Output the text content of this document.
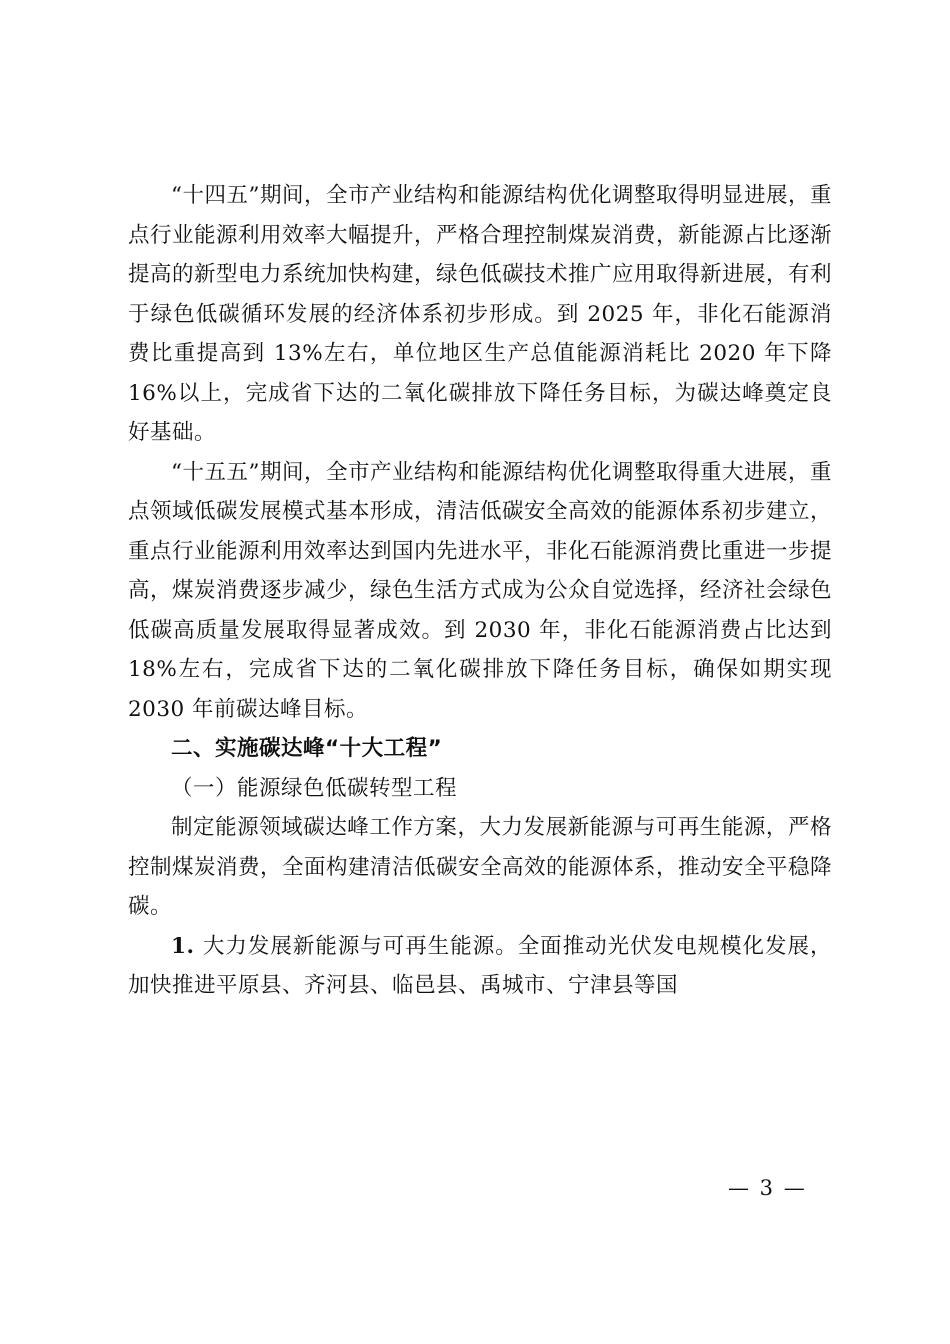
“十四五”期间，全市产业结构和能源结构优化调整取得明显进展，重点行业能源利用效率大幅提升，严格合理控制煤炭消费，新能源占比逐渐提高的新型电力系统加快构建，绿色低碳技术推广应用取得新进展，有利于绿色低碳循环发展的经济体系初步形成。到 2025 年，非化石能源消费比重提高到 13%左右，单位地区生产总值能源消耗比 2020 年下降 16%以上，完成省下达的二氧化碳排放下降任务目标，为碳达峰奠定良好基础。

“十五五”期间，全市产业结构和能源结构优化调整取得重大进展，重点领域低碳发展模式基本形成，清洁低碳安全高效的能源体系初步建立，重点行业能源利用效率达到国内先进水平，非化石能源消费比重进一步提高，煤炭消费逐步减少，绿色生活方式成为公众自觉选择，经济社会绿色低碳高质量发展取得显著成效。到 2030 年，非化石能源消费占比达到 18%左右，完成省下达的二氧化碳排放下降任务目标，确保如期实现 2030 年前碳达峰目标。

二、实施碳达峰“十大工程”

（一）能源绿色低碳转型工程

制定能源领域碳达峰工作方案，大力发展新能源与可再生能源，严格控制煤炭消费，全面构建清洁低碳安全高效的能源体系，推动安全平稳降碳。

1. 大力发展新能源与可再生能源。全面推动光伏发电规模化发展，加快推进平原县、齐河县、临邑县、禹城市、宁津县等国

— 3 —
